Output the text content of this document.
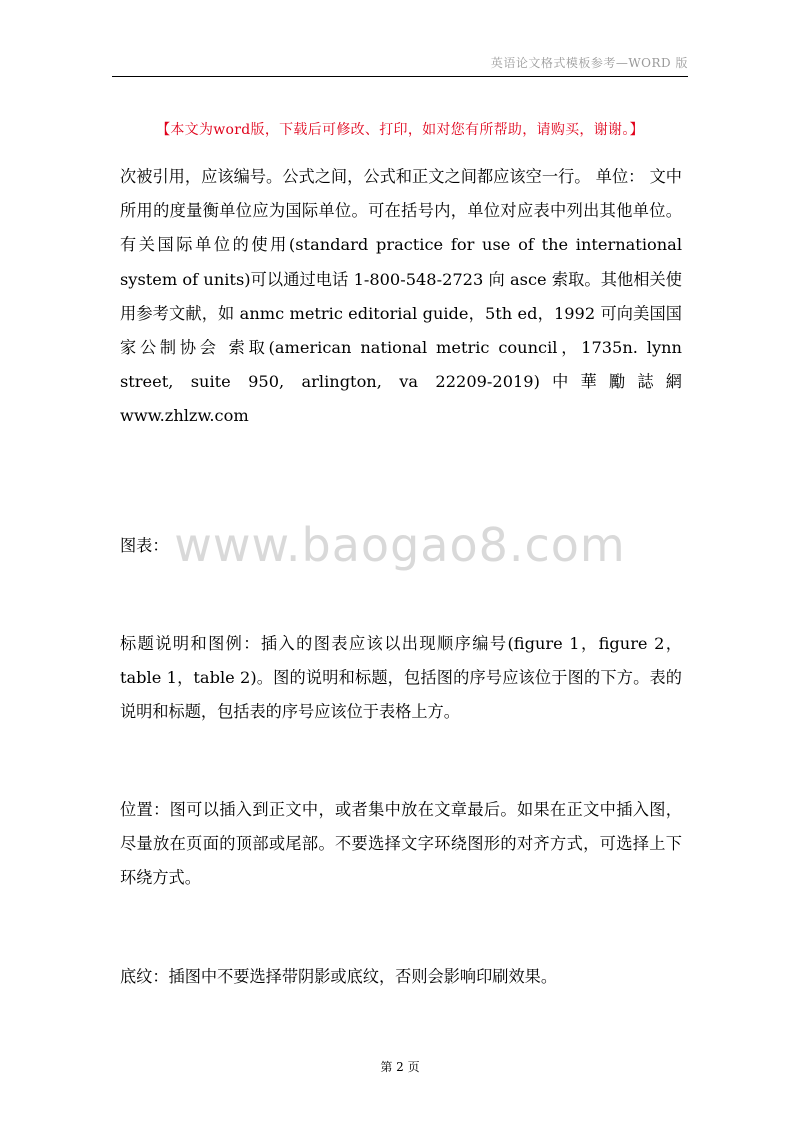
英语论文格式模板参考—WORD 版
【本文为word版，下载后可修改、打印，如对您有所帮助，请购买，谢谢。】
次被引用，应该编号。公式之间，公式和正文之间都应该空一行。 单位： 文中所用的度量衡单位应为国际单位。可在括号内，单位对应表中列出其他单位。有关国际单位的使用(standard practice for use of the international system of units)可以通过电话 1-800-548-2723 向 asce 索取。其他相关使用参考文献，如 anmc metric editorial guide，5th ed，1992 可向美国国家公制协会 索取(american national metric council，1735n. lynn street, suite 950, arlington, va 22209-2019)中華勵誌網 www.zhlzw.com
www.baogao8.com
图表：
标题说明和图例：插入的图表应该以出现顺序编号(figure 1，figure 2，table 1，table 2)。图的说明和标题，包括图的序号应该位于图的下方。表的说明和标题，包括表的序号应该位于表格上方。
位置：图可以插入到正文中，或者集中放在文章最后。如果在正文中插入图，尽量放在页面的顶部或尾部。不要选择文字环绕图形的对齐方式，可选择上下环绕方式。
底纹：插图中不要选择带阴影或底纹，否则会影响印刷效果。
第 2 页
